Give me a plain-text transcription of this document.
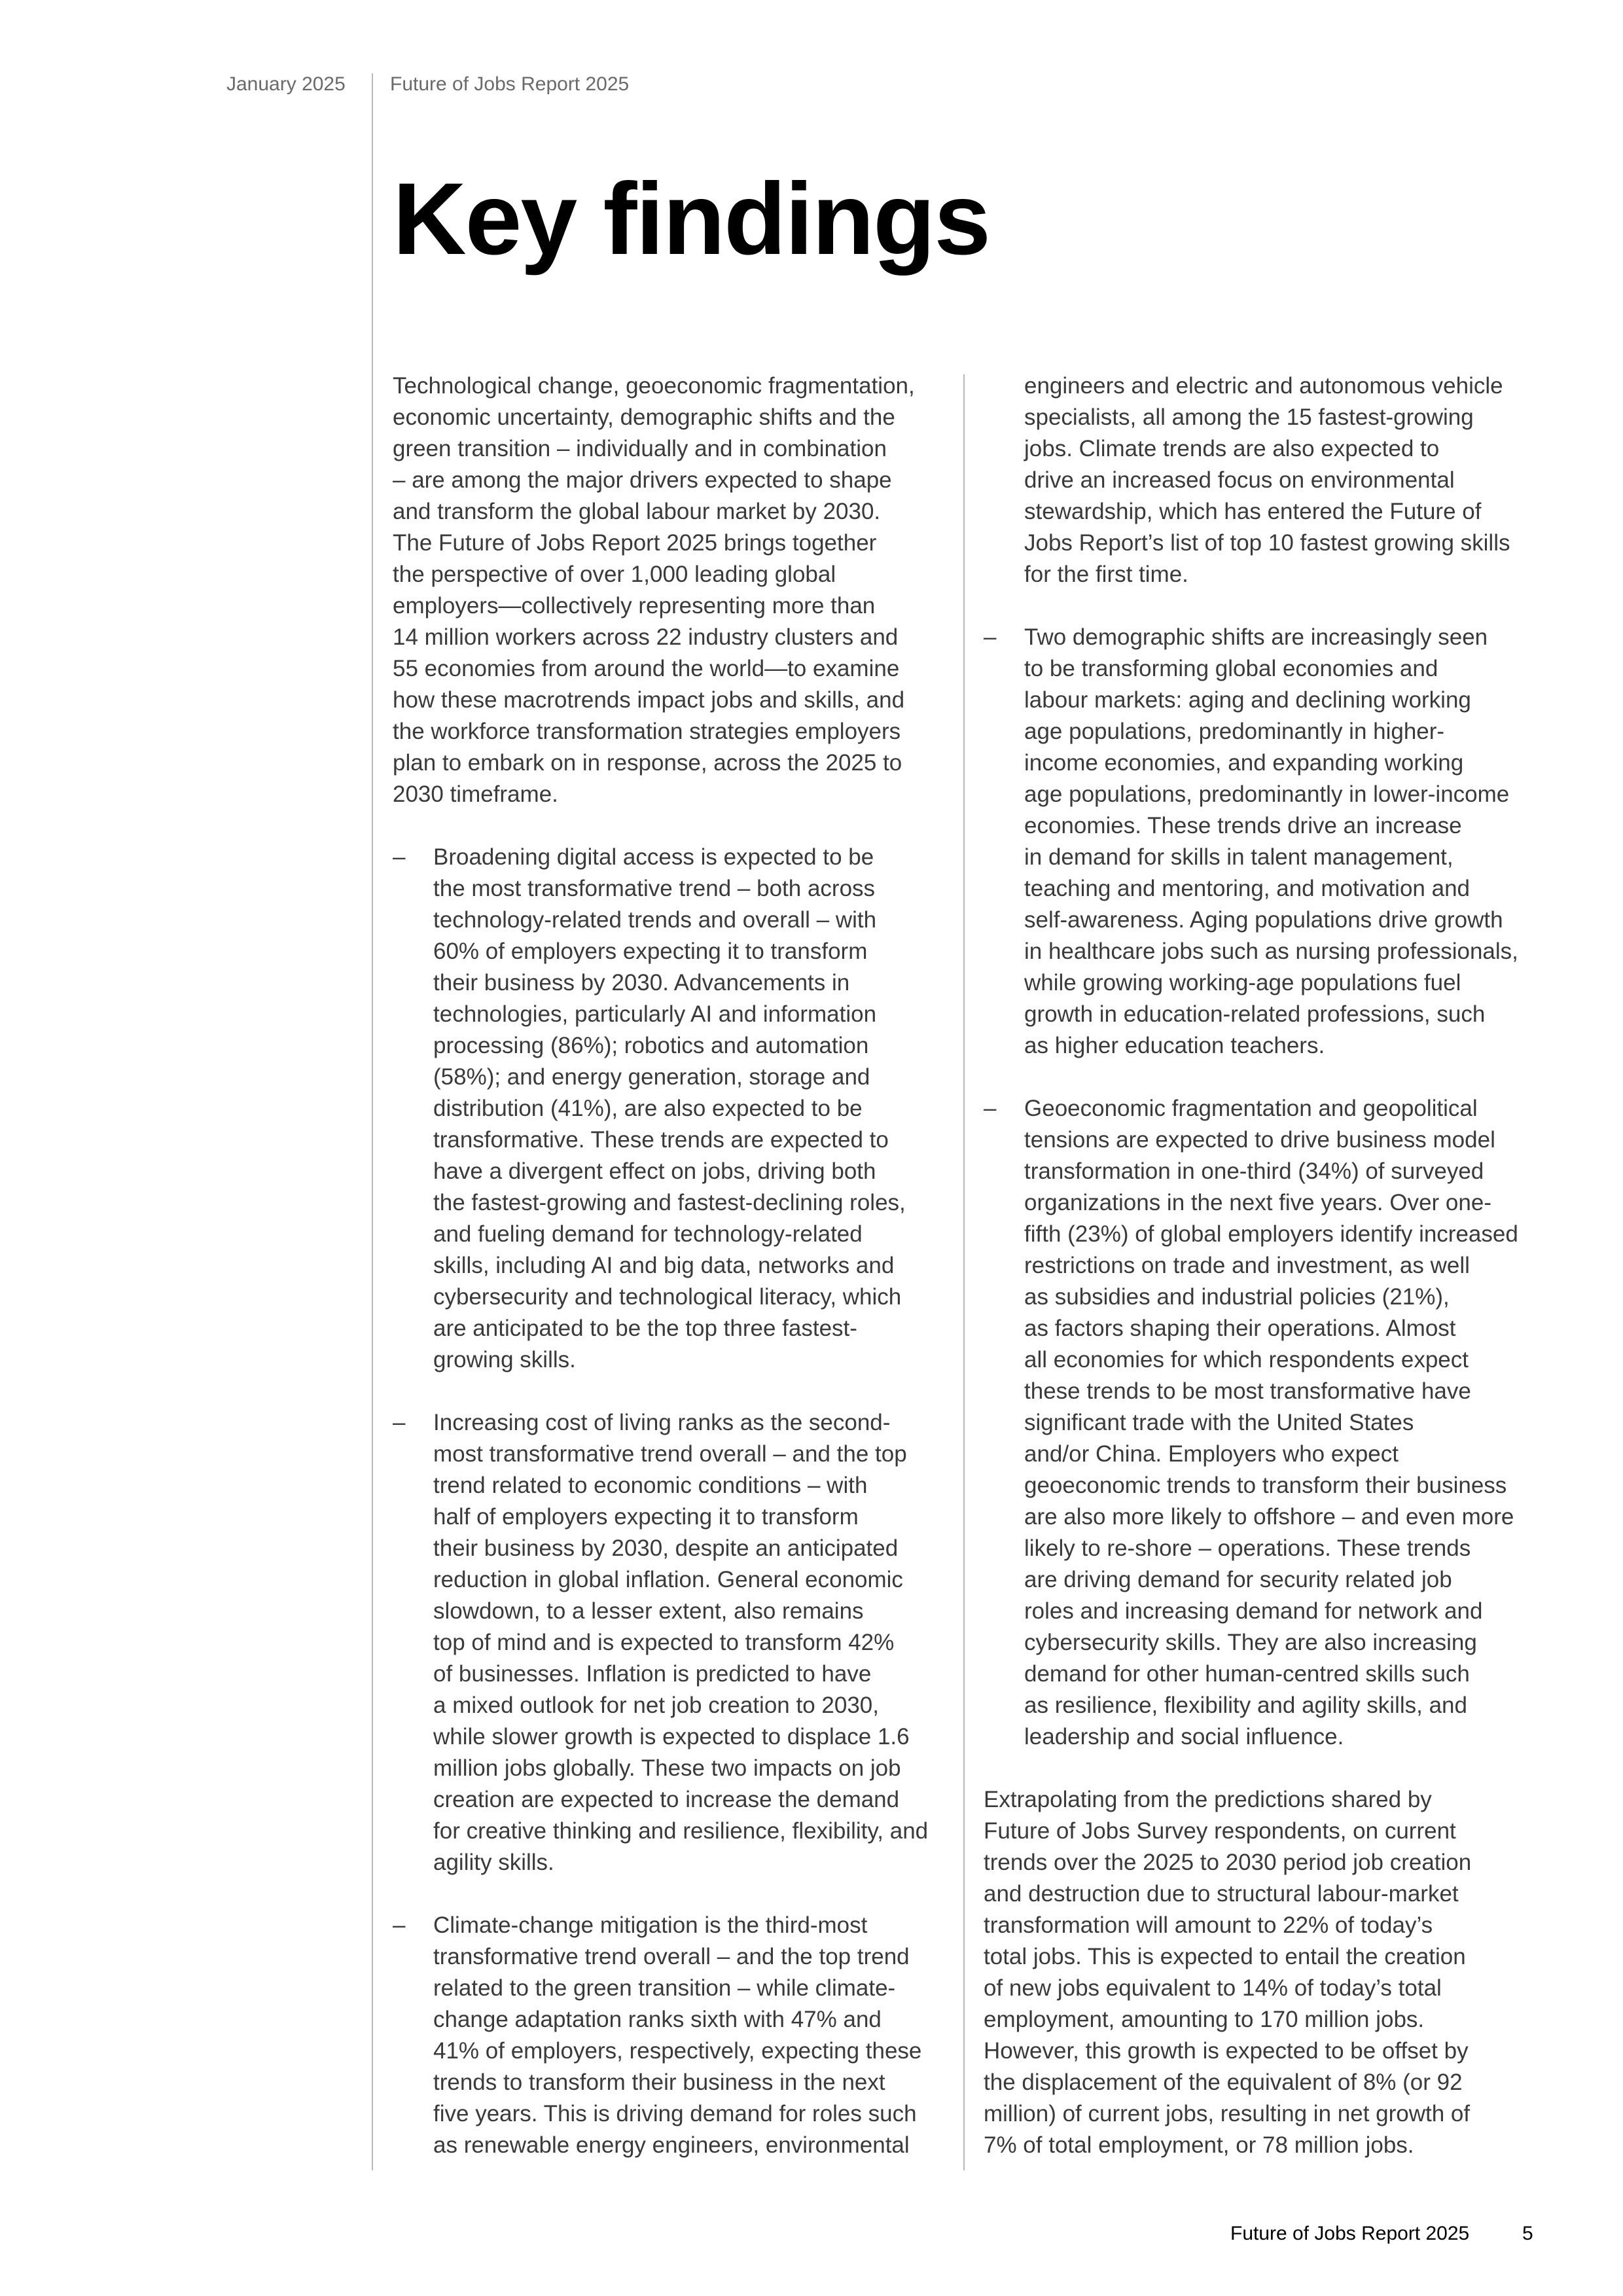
January 2025 Future of Jobs Report 2025
Key findings
Technological change, geoeconomic fragmentation,
economic uncertainty, demographic shifts and the
green transition – individually and in combination
– are among the major drivers expected to shape
and transform the global labour market by 2030.
The Future of Jobs Report 2025 brings together
the perspective of over 1,000 leading global
employers—collectively representing more than
14 million workers across 22 industry clusters and
55 economies from around the world—to examine
how these macrotrends impact jobs and skills, and
the workforce transformation strategies employers
plan to embark on in response, across the 2025 to
2030 timeframe.
– Broadening digital access is expected to be
the most transformative trend – both across
technology-related trends and overall – with
60% of employers expecting it to transform
their business by 2030. Advancements in
technologies, particularly AI and information
processing (86%); robotics and automation
(58%); and energy generation, storage and
distribution (41%), are also expected to be
transformative. These trends are expected to
have a divergent effect on jobs, driving both
the fastest-growing and fastest-declining roles,
and fueling demand for technology-related
skills, including AI and big data, networks and
cybersecurity and technological literacy, which
are anticipated to be the top three fastest-
growing skills.
– Increasing cost of living ranks as the second-
most transformative trend overall – and the top
trend related to economic conditions – with
half of employers expecting it to transform
their business by 2030, despite an anticipated
reduction in global inflation. General economic
slowdown, to a lesser extent, also remains
top of mind and is expected to transform 42%
of businesses. Inflation is predicted to have
a mixed outlook for net job creation to 2030,
while slower growth is expected to displace 1.6
million jobs globally. These two impacts on job
creation are expected to increase the demand
for creative thinking and resilience, flexibility, and
agility skills.
– Climate-change mitigation is the third-most
transformative trend overall – and the top trend
related to the green transition – while climate-
change adaptation ranks sixth with 47% and
41% of employers, respectively, expecting these
trends to transform their business in the next
five years. This is driving demand for roles such
as renewable energy engineers, environmental
engineers and electric and autonomous vehicle
specialists, all among the 15 fastest-growing
jobs. Climate trends are also expected to
drive an increased focus on environmental
stewardship, which has entered the Future of
Jobs Report’s list of top 10 fastest growing skills
for the first time.
– Two demographic shifts are increasingly seen
to be transforming global economies and
labour markets: aging and declining working
age populations, predominantly in higher-
income economies, and expanding working
age populations, predominantly in lower-income
economies. These trends drive an increase
in demand for skills in talent management,
teaching and mentoring, and motivation and
self-awareness. Aging populations drive growth
in healthcare jobs such as nursing professionals,
while growing working-age populations fuel
growth in education-related professions, such
as higher education teachers.
– Geoeconomic fragmentation and geopolitical
tensions are expected to drive business model
transformation in one-third (34%) of surveyed
organizations in the next five years. Over one-
fifth (23%) of global employers identify increased
restrictions on trade and investment, as well
as subsidies and industrial policies (21%),
as factors shaping their operations. Almost
all economies for which respondents expect
these trends to be most transformative have
significant trade with the United States
and/or China. Employers who expect
geoeconomic trends to transform their business
are also more likely to offshore – and even more
likely to re-shore – operations. These trends
are driving demand for security related job
roles and increasing demand for network and
cybersecurity skills. They are also increasing
demand for other human-centred skills such
as resilience, flexibility and agility skills, and
leadership and social influence.
Extrapolating from the predictions shared by
Future of Jobs Survey respondents, on current
trends over the 2025 to 2030 period job creation
and destruction due to structural labour-market
transformation will amount to 22% of today’s
total jobs. This is expected to entail the creation
of new jobs equivalent to 14% of today’s total
employment, amounting to 170 million jobs.
However, this growth is expected to be offset by
the displacement of the equivalent of 8% (or 92
million) of current jobs, resulting in net growth of
7% of total employment, or 78 million jobs.
Future of Jobs Report 2025	5
